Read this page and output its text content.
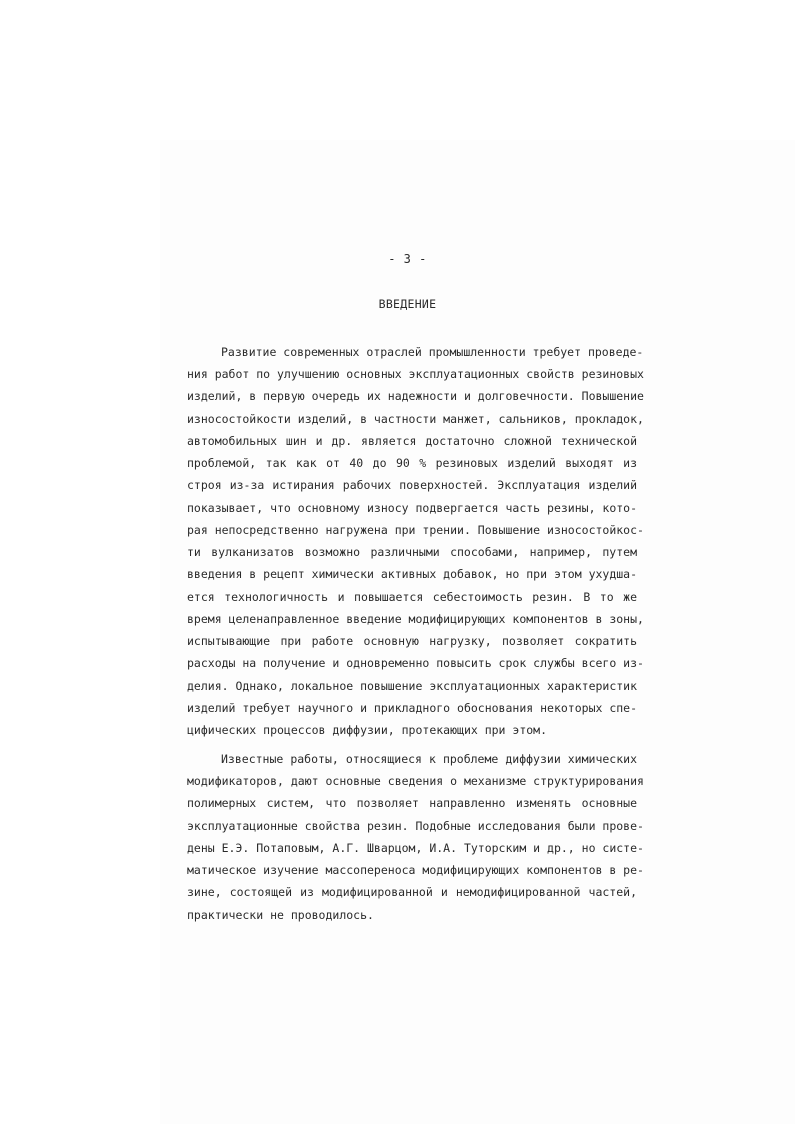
- 3 -
ВВЕДЕНИЕ
Развитие современных отраслей промышленности требует проведе-
ния работ по улучшению основных эксплуатационных свойств резиновых
изделий, в первую очередь их надежности и долговечности. Повышение
износостойкости изделий, в частности манжет, сальников, прокладок,
автомобильных шин и др. является достаточно сложной технической
проблемой, так как от 40 до 90 % резиновых изделий выходят из
строя из-за истирания рабочих поверхностей. Эксплуатация изделий
показывает, что основному износу подвергается часть резины, кото-
рая непосредственно нагружена при трении. Повышение износостойкос-
ти вулканизатов возможно различными способами, например, путем
введения в рецепт химически активных добавок, но при этом ухудша-
ется технологичность и повышается себестоимость резин. В то же
время целенаправленное введение модифицирующих компонентов в зоны,
испытывающие при работе основную нагрузку, позволяет сократить
расходы на получение и одновременно повысить срок службы всего из-
делия. Однако, локальное повышение эксплуатационных характеристик
изделий требует научного и прикладного обоснования некоторых спе-
цифических процессов диффузии, протекающих при этом.
Известные работы, относящиеся к проблеме диффузии химических
модификаторов, дают основные сведения о механизме структурирования
полимерных систем, что позволяет направленно изменять основные
эксплуатационные свойства резин. Подобные исследования были прове-
дены Е.Э. Потаповым, А.Г. Шварцом, И.А. Туторским и др., но систе-
матическое изучение массопереноса модифицирующих компонентов в ре-
зине, состоящей из модифицированной и немодифицированной частей,
практически не проводилось.
